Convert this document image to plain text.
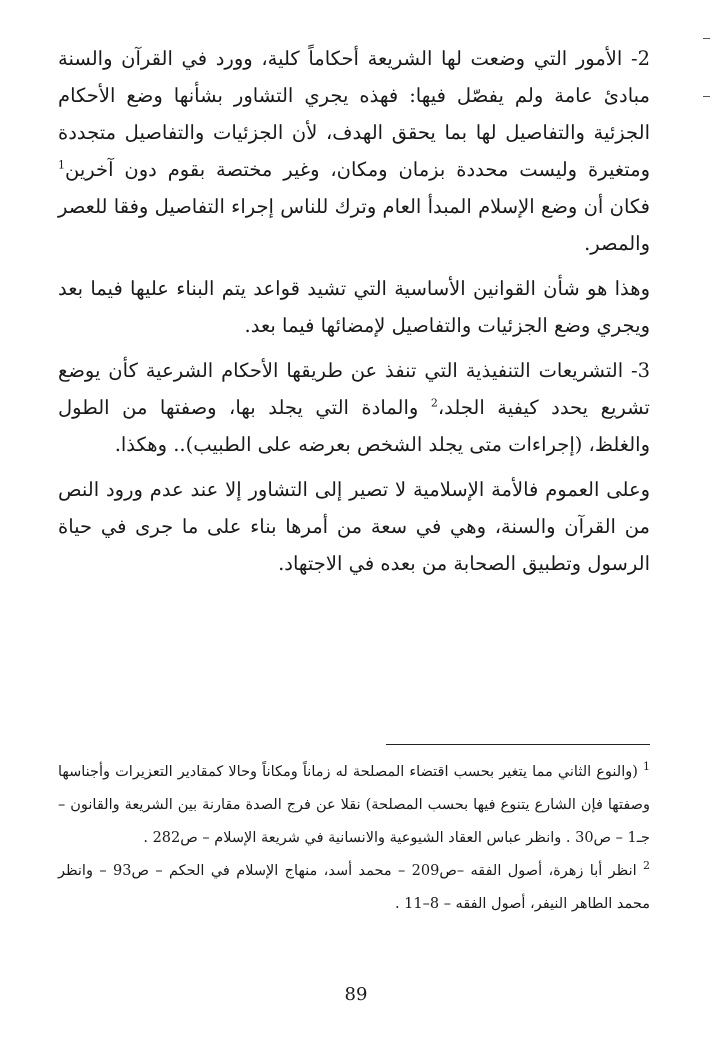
2- الأمور التي وضعت لها الشريعة أحكاماً كلية، وورد في القرآن والسنة مبادئ عامة ولم يفصّل فيها: فهذه يجري التشاور بشأنها وضع الأحكام الجزئية والتفاصيل لها بما يحقق الهدف، لأن الجزئيات والتفاصيل متجددة ومتغيرة وليست محددة بزمان ومكان، وغير مختصة بقوم دون آخرين$^1$ فكان أن وضع الإسلام المبدأ العام وترك للناس إجراء التفاصيل وفقا للعصر والمصر.

وهذا هو شأن القوانين الأساسية التي تشيد قواعد يتم البناء عليها فيما بعد ويجري وضع الجزئيات والتفاصيل لإمضائها فيما بعد.

3- التشريعات التنفيذية التي تنفذ عن طريقها الأحكام الشرعية كأن يوضع تشريع يحدد كيفية الجلد،$^2$ والمادة التي يجلد بها، وصفتها من الطول والغلظ، (إجراءات متى يجلد الشخص بعرضه على الطبيب).. وهكذا.

وعلى العموم فالأمة الإسلامية لا تصير إلى التشاور إلا عند عدم ورود النص من القرآن والسنة، وهي في سعة من أمرها بناء على ما جرى في حياة الرسول وتطبيق الصحابة من بعده في الاجتهاد.

$^1$ (والنوع الثاني مما يتغير بحسب اقتضاء المصلحة له زماناً ومكاناً وحالا كمقادير التعزيرات وأجناسها وصفتها فإن الشارع يتنوع فيها بحسب المصلحة) نقلا عن فرج الصدة مقارنة بين الشريعة والقانون – جـ1 – ص30 . وانظر عباس العقاد الشيوعية والانسانية في شريعة الإسلام – ص282 .

$^2$ انظر أبا زهرة، أصول الفقه –ص209 – محمد أسد، منهاج الإسلام في الحكم – ص93 – وانظر محمد الطاهر النيفر، أصول الفقه – 8–11 .

89
